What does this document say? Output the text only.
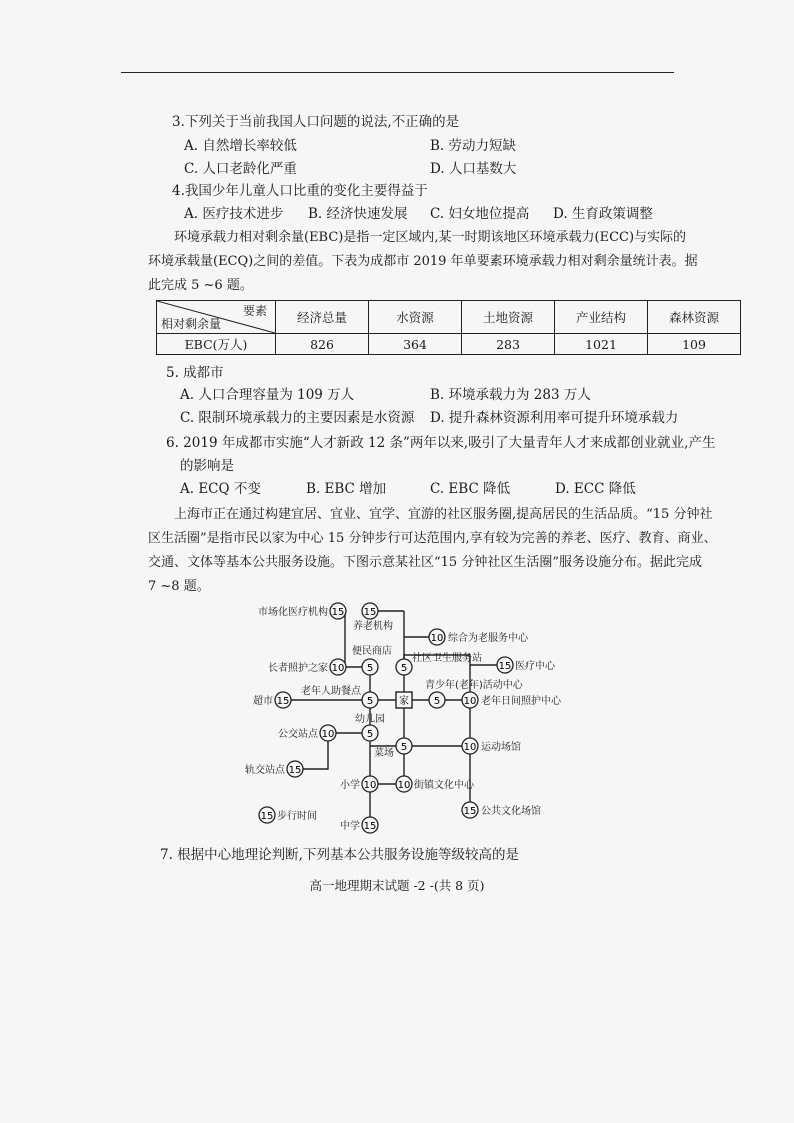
3.下列关于当前我国人口问题的说法,不正确的是
A. 自然增长率较低	B. 劳动力短缺
C. 人口老龄化严重	D. 人口基数大
4.我国少年儿童人口比重的变化主要得益于
A. 医疗技术进步 B. 经济快速发展 C. 妇女地位提高 D. 生育政策调整
环境承载力相对剩余量(EBC)是指一定区域内,某一时期该地区环境承载力(ECC)与实际的
环境承载量(ECQ)之间的差值。下表为成都市 2019 年单要素环境承载力相对剩余量统计表。据
此完成 5 ~6 题。
要素
相对剩余量	经济总量	水资源	土地资源	产业结构	森林资源
EBC(万人)	826	364	283	1021	109
5. 成都市
A. 人口合理容量为 109 万人	B. 环境承载力为 283 万人
C. 限制环境承载力的主要因素是水资源 D. 提升森林资源利用率可提升环境承载力
6. 2019 年成都市实施“人才新政 12 条”两年以来,吸引了大量青年人才来成都创业就业,产生
的影响是
A. ECQ 不变	B. EBC 增加	C. EBC 降低	D. ECC 降低
上海市正在通过构建宜居、宜业、宜学、宜游的社区服务圈,提高居民的生活品质。“15 分钟社
区生活圈”是指市民以家为中心 15 分钟步行可达范围内,享有较为完善的养老、医疗、教育、商业、
交通、文体等基本公共服务设施。下图示意某社区“15 分钟社区生活圈”服务设施分布。据此完成
7 ~8 题。
家
15 15
10
5	5	15
10
5
5	10
15
5
10
5	10
15
10 10
15
15
15
市场化医疗机构
养老机构
综合为老服务中心
便民商店
社区卫生服务站
医疗中心
长者照护之家
青少年(老年)活动中心
老年人助餐点
老年日间照护中心
超市
幼儿园
公交站点
菜场
运动场馆
轨交站点
小学	街镇文化中心
公共文化场馆
中学
步行时间
7. 根据中心地理论判断,下列基本公共服务设施等级较高的是
高一地理期末试题 -2 -(共 8 页)
